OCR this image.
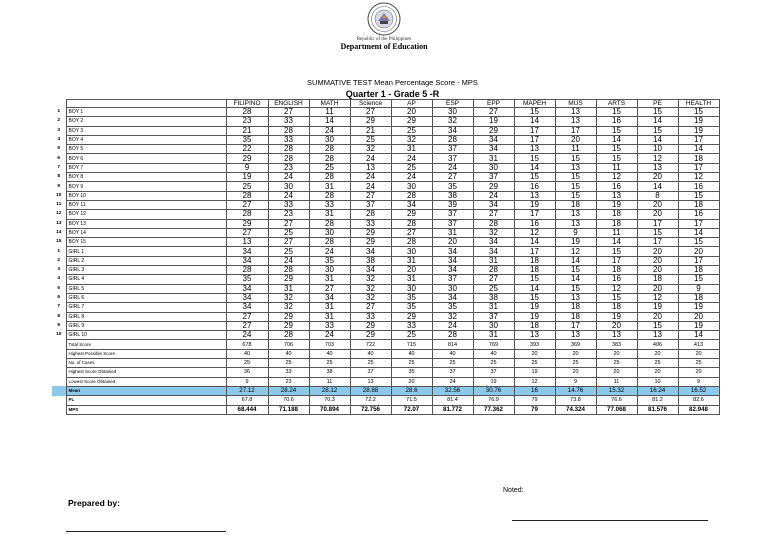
Republic of the Philippines
Department of Education
	SUMMATIVE TEST Mean Percentage Score - MPS												
	Quarter 1 - Grade 5 -R												
		FILIPINO	ENGLISH	MATH	Science	AP	ESP	EPP	MAPEH	MUS	ARTS	PE	HEALTH
1	BOY 1	28	27	11	27	20	30	27	15	13	15	15	15
2	BOY 2	23	33	14	29	29	32	19	14	13	16	14	19
3	BOY 3	21	28	24	21	25	34	29	17	17	15	15	19
4	BOY 4	35	33	30	25	32	28	34	17	20	14	14	17
5	BOY 5	22	28	28	32	31	37	34	13	11	15	10	14
6	BOY 6	29	28	28	24	24	37	31	15	15	15	12	18
7	BOY 7	9	23	25	13	25	24	30	14	13	11	13	17
8	BOY 8	19	24	28	24	24	27	37	15	15	12	20	12
9	BOY 9	25	30	31	24	30	35	29	16	15	16	14	16
10	BOY 10	28	24	28	27	28	38	24	13	15	13	8	15
11	BOY 11	27	33	33	37	34	39	34	19	18	19	20	18
12	BOY 12	28	23	31	28	29	37	27	17	13	18	20	16
13	BOY 13	29	27	28	33	28	37	28	16	13	18	17	17
14	BOY 14	27	25	30	29	27	31	32	12	9	11	15	14
15	BOY 15	13	27	28	29	28	20	34	14	19	14	17	15
1	GIRL 1	34	25	24	34	30	34	34	17	12	15	20	20
2	GIRL 2	34	24	35	38	31	34	31	18	14	17	20	17
3	GIRL 3	28	28	30	34	20	34	28	18	15	18	20	18
4	GIRL 4	35	29	31	32	31	37	27	15	14	16	18	15
5	GIRL 5	34	31	27	32	30	30	25	14	15	12	20	9
6	GIRL 6	34	32	34	32	35	34	38	15	13	15	12	18
7	GIRL 7	34	32	31	27	35	35	31	19	18	18	19	19
8	GIRL 8	27	29	31	33	29	32	37	19	18	19	20	20
9	GIRL 9	27	29	33	29	33	24	30	18	17	20	15	19
10	GIRL 10	24	28	24	29	25	28	31	13	13	13	13	14
	Total Score	678	706	703	722	715	814	769	393	369	383	406	413
	Highest Possible Score	40	40	40	40	40	40	40	20	20	20	20	20
	No. of Cases	25	25	25	25	25	25	25	25	25	25	25	25
	Highest Score Obtained	36	33	38	37	35	37	37	19	20	20	20	20
	Lowest Score Obtained	9	23	11	13	20	24	19	12	9	11	10	9
	Mean	27.12	28.24	28.12	28.88	28.6	32.56	30.76	16	14.76	15.32	16.24	16.52
	PL	67.8	70.6	70.3	72.2	71.5	81.4	76.9	79	73.8	76.6	81.2	82.6
	MPS	68.444	71.188	70.894	72.756	72.07	81.772	77.362	79	74.324	77.068	81.576	82.948
Prepared by:
Noted:
